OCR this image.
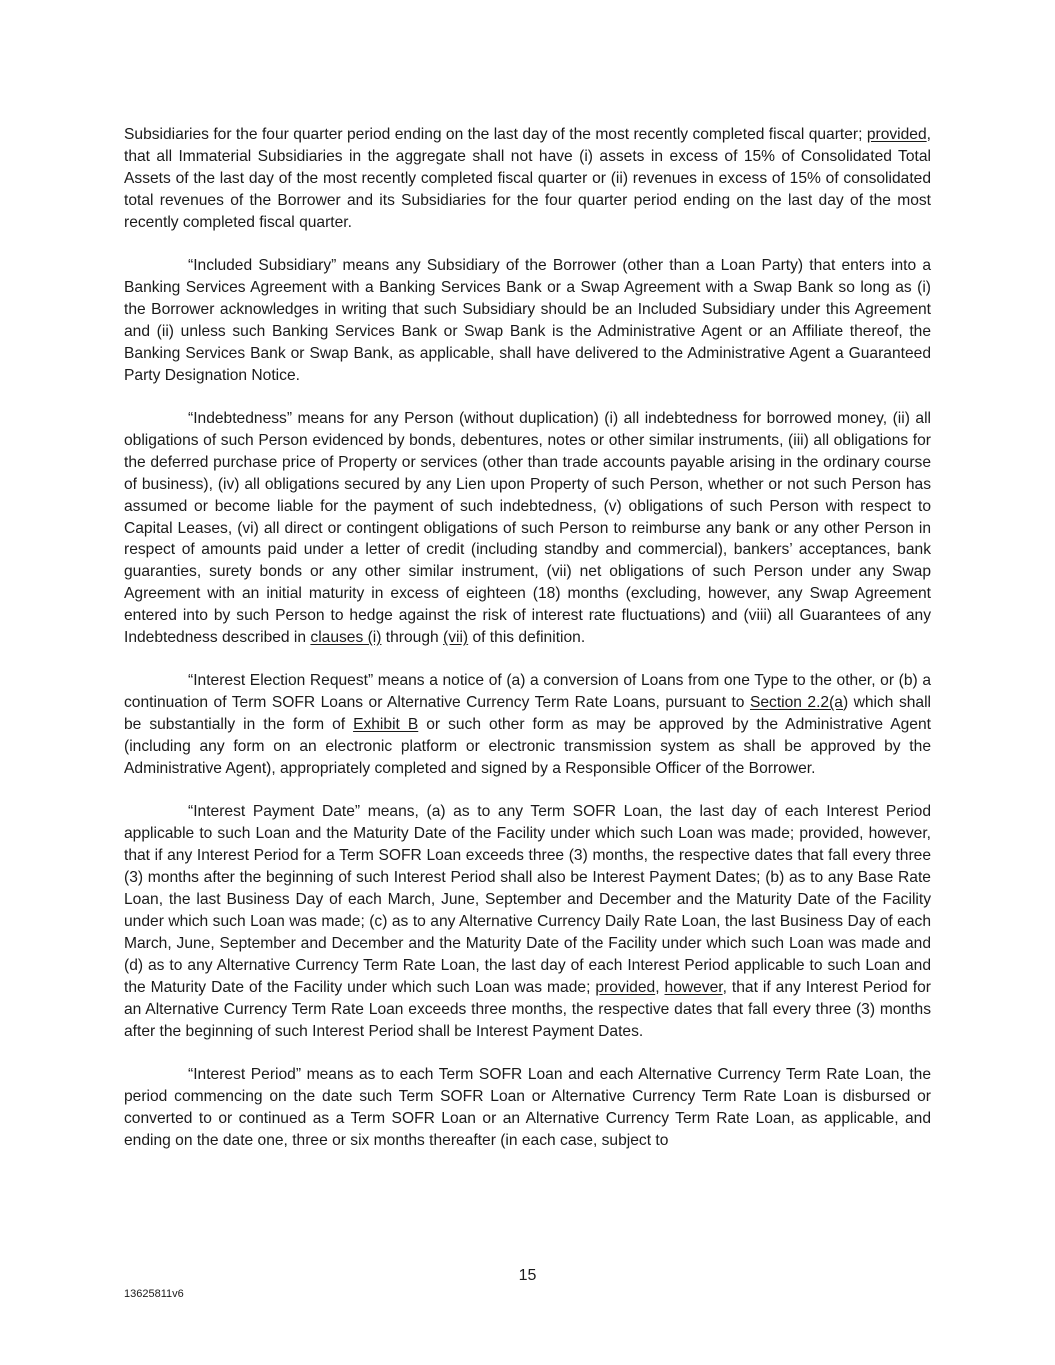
Subsidiaries for the four quarter period ending on the last day of the most recently completed fiscal quarter; provided, that all Immaterial Subsidiaries in the aggregate shall not have (i) assets in excess of 15% of Consolidated Total Assets of the last day of the most recently completed fiscal quarter or (ii) revenues in excess of 15% of consolidated total revenues of the Borrower and its Subsidiaries for the four quarter period ending on the last day of the most recently completed fiscal quarter.

“Included Subsidiary” means any Subsidiary of the Borrower (other than a Loan Party) that enters into a Banking Services Agreement with a Banking Services Bank or a Swap Agreement with a Swap Bank so long as (i) the Borrower acknowledges in writing that such Subsidiary should be an Included Subsidiary under this Agreement and (ii) unless such Banking Services Bank or Swap Bank is the Administrative Agent or an Affiliate thereof, the Banking Services Bank or Swap Bank, as applicable, shall have delivered to the Administrative Agent a Guaranteed Party Designation Notice.

“Indebtedness” means for any Person (without duplication) (i) all indebtedness for borrowed money, (ii) all obligations of such Person evidenced by bonds, debentures, notes or other similar instruments, (iii) all obligations for the deferred purchase price of Property or services (other than trade accounts payable arising in the ordinary course of business), (iv) all obligations secured by any Lien upon Property of such Person, whether or not such Person has assumed or become liable for the payment of such indebtedness, (v) obligations of such Person with respect to Capital Leases, (vi) all direct or contingent obligations of such Person to reimburse any bank or any other Person in respect of amounts paid under a letter of credit (including standby and commercial), bankers’ acceptances, bank guaranties, surety bonds or any other similar instrument, (vii) net obligations of such Person under any Swap Agreement with an initial maturity in excess of eighteen (18) months (excluding, however, any Swap Agreement entered into by such Person to hedge against the risk of interest rate fluctuations) and (viii) all Guarantees of any Indebtedness described in clauses (i) through (vii) of this definition.

“Interest Election Request” means a notice of (a) a conversion of Loans from one Type to the other, or (b) a continuation of Term SOFR Loans or Alternative Currency Term Rate Loans, pursuant to Section 2.2(a) which shall be substantially in the form of Exhibit B or such other form as may be approved by the Administrative Agent (including any form on an electronic platform or electronic transmission system as shall be approved by the Administrative Agent), appropriately completed and signed by a Responsible Officer of the Borrower.

“Interest Payment Date” means, (a) as to any Term SOFR Loan, the last day of each Interest Period applicable to such Loan and the Maturity Date of the Facility under which such Loan was made; provided, however, that if any Interest Period for a Term SOFR Loan exceeds three (3) months, the respective dates that fall every three (3) months after the beginning of such Interest Period shall also be Interest Payment Dates; (b) as to any Base Rate Loan, the last Business Day of each March, June, September and December and the Maturity Date of the Facility under which such Loan was made; (c) as to any Alternative Currency Daily Rate Loan, the last Business Day of each March, June, September and December and the Maturity Date of the Facility under which such Loan was made and (d) as to any Alternative Currency Term Rate Loan, the last day of each Interest Period applicable to such Loan and the Maturity Date of the Facility under which such Loan was made; provided, however, that if any Interest Period for an Alternative Currency Term Rate Loan exceeds three months, the respective dates that fall every three (3) months after the beginning of such Interest Period shall be Interest Payment Dates.

“Interest Period” means as to each Term SOFR Loan and each Alternative Currency Term Rate Loan, the period commencing on the date such Term SOFR Loan or Alternative Currency Term Rate Loan is disbursed or converted to or continued as a Term SOFR Loan or an Alternative Currency Term Rate Loan, as applicable, and ending on the date one, three or six months thereafter (in each case, subject to

15
13625811v6
